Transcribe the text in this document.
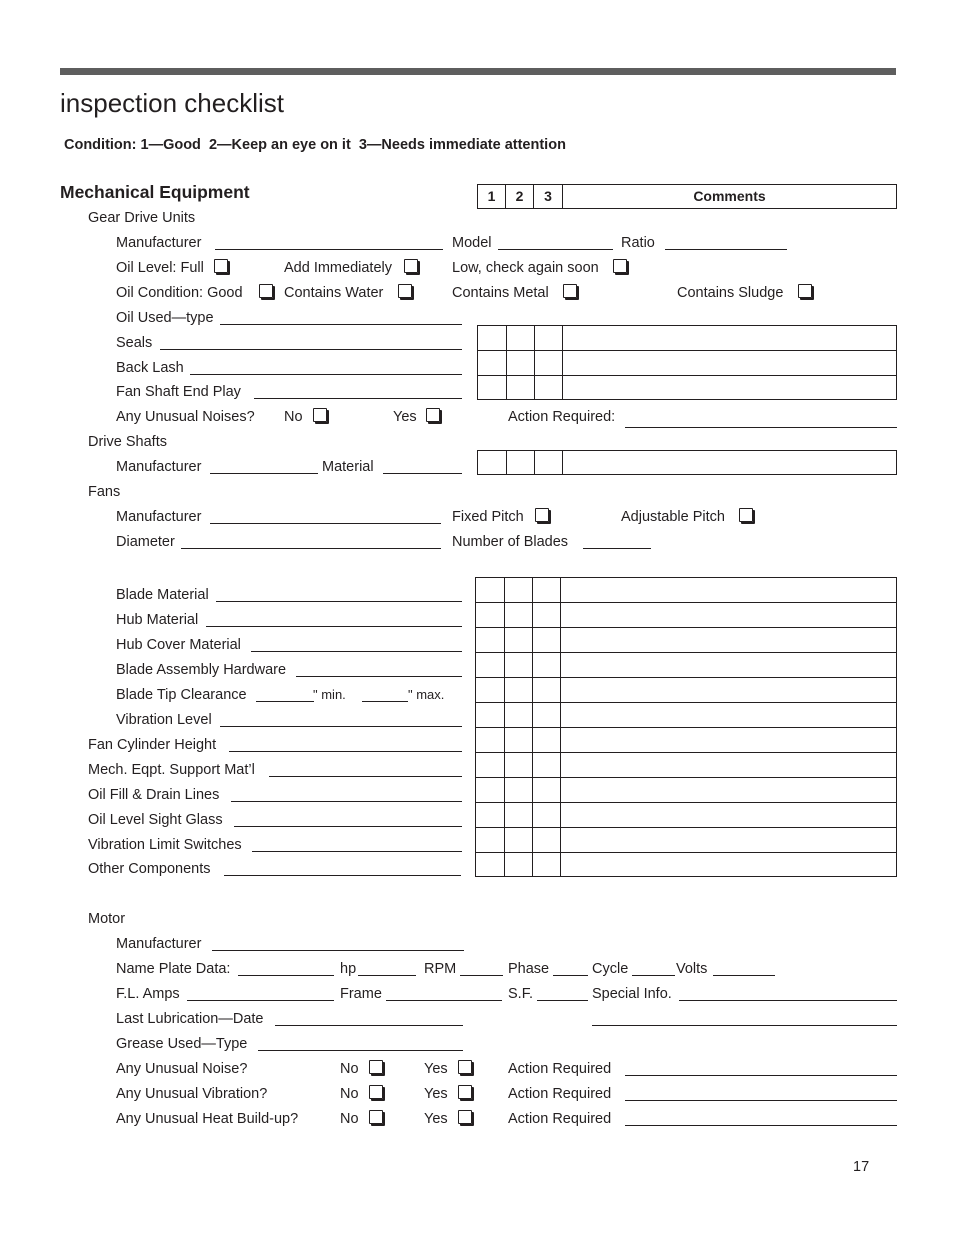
inspection checklist
Condition: 1—Good  2—Keep an eye on it  3—Needs immediate attention
Mechanical Equipment	1	2	3	Comments
Gear Drive Units
Manufacturer	Model	Ratio
Oil Level: Full	Add Immediately	Low, check again soon
Oil Condition: Good	Contains Water	Contains Metal	Contains Sludge
Oil Used—type
Seals
Back Lash
Fan Shaft End Play
Any Unusual Noises? No	Yes	Action Required:
Drive Shafts
Manufacturer	Material
Fans
Manufacturer	Fixed Pitch	Adjustable Pitch
Diameter	Number of Blades
Blade Material
Hub Material
Hub Cover Material
Blade Assembly Hardware
Blade Tip Clearance	" min.	" max.
Vibration Level
Fan Cylinder Height
Mech. Eqpt. Support Mat’l
Oil Fill & Drain Lines
Oil Level Sight Glass
Vibration Limit Switches
Other Components
Motor
Manufacturer
Name Plate Data:	hp	RPM	Phase	Cycle	Volts
F.L. Amps	Frame	S.F.	Special Info.
Last Lubrication—Date
Grease Used—Type
Any Unusual Noise?	No	Yes	Action Required
Any Unusual Vibration?	No	Yes	Action Required
Any Unusual Heat Build-up?	No	Yes	Action Required
17
